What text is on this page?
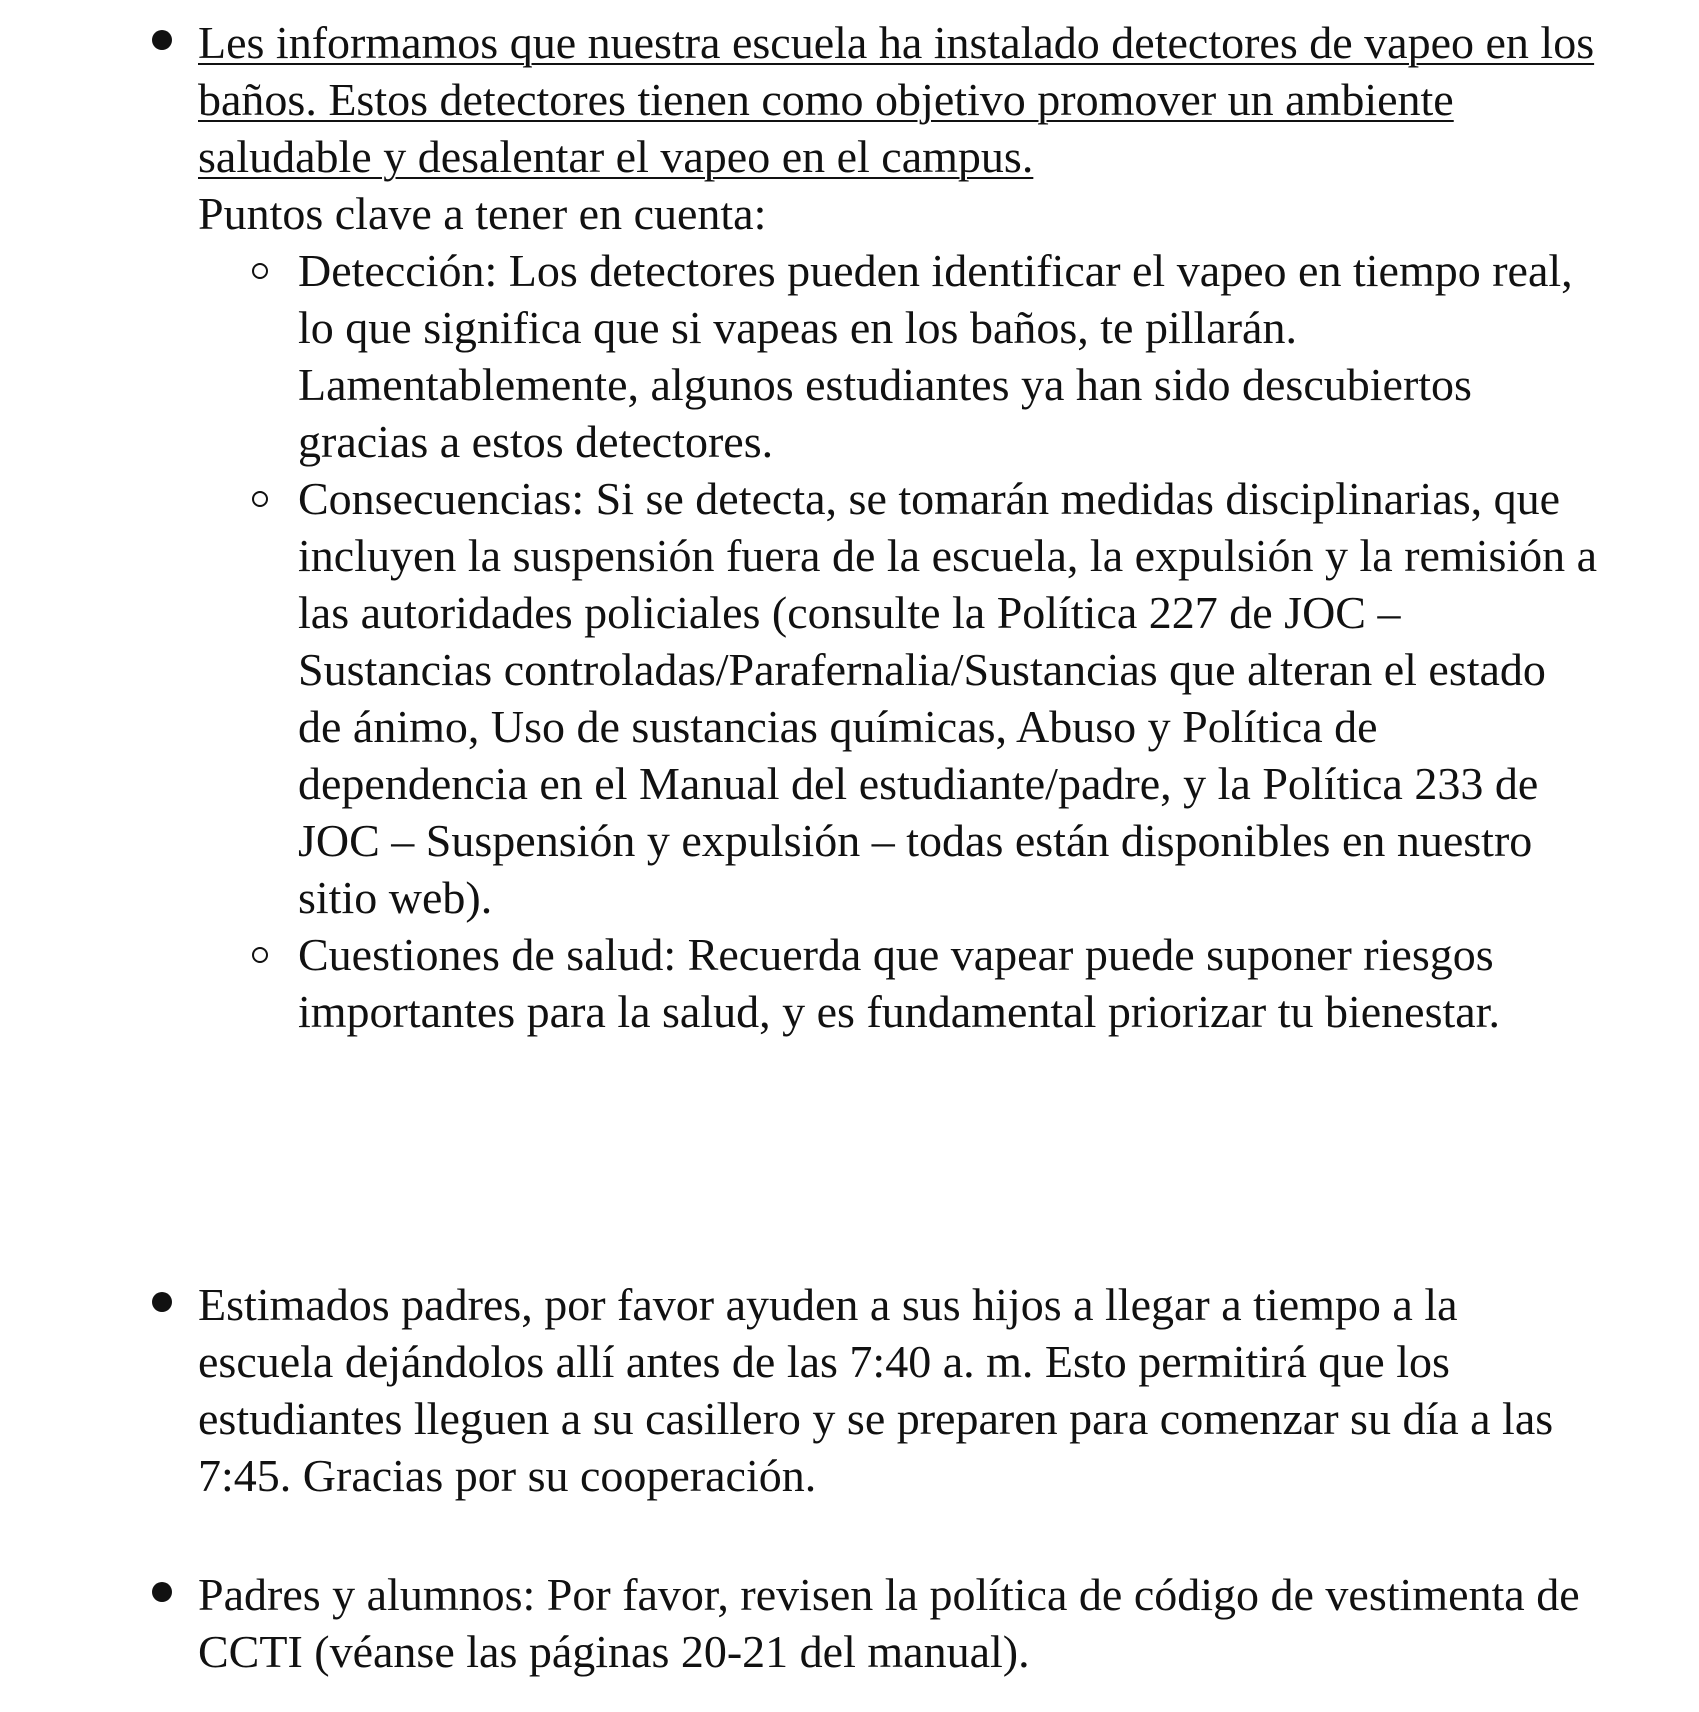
Les informamos que nuestra escuela ha instalado detectores de vapeo en los baños. Estos detectores tienen como objetivo promover un ambiente saludable y desalentar el vapeo en el campus.
Puntos clave a tener en cuenta:
Detección: Los detectores pueden identificar el vapeo en tiempo real, lo que significa que si vapeas en los baños, te pillarán. Lamentablemente, algunos estudiantes ya han sido descubiertos gracias a estos detectores.
Consecuencias: Si se detecta, se tomarán medidas disciplinarias, que incluyen la suspensión fuera de la escuela, la expulsión y la remisión a las autoridades policiales (consulte la Política 227 de JOC – Sustancias controladas/Parafernalia/Sustancias que alteran el estado de ánimo, Uso de sustancias químicas, Abuso y Política de dependencia en el Manual del estudiante/padre, y la Política 233 de JOC – Suspensión y expulsión – todas están disponibles en nuestro sitio web).
Cuestiones de salud: Recuerda que vapear puede suponer riesgos importantes para la salud, y es fundamental priorizar tu bienestar.
Estimados padres, por favor ayuden a sus hijos a llegar a tiempo a la escuela dejándolos allí antes de las 7:40 a. m. Esto permitirá que los estudiantes lleguen a su casillero y se preparen para comenzar su día a las 7:45. Gracias por su cooperación.
Padres y alumnos: Por favor, revisen la política de código de vestimenta de CCTI (véanse las páginas 20-21 del manual).
